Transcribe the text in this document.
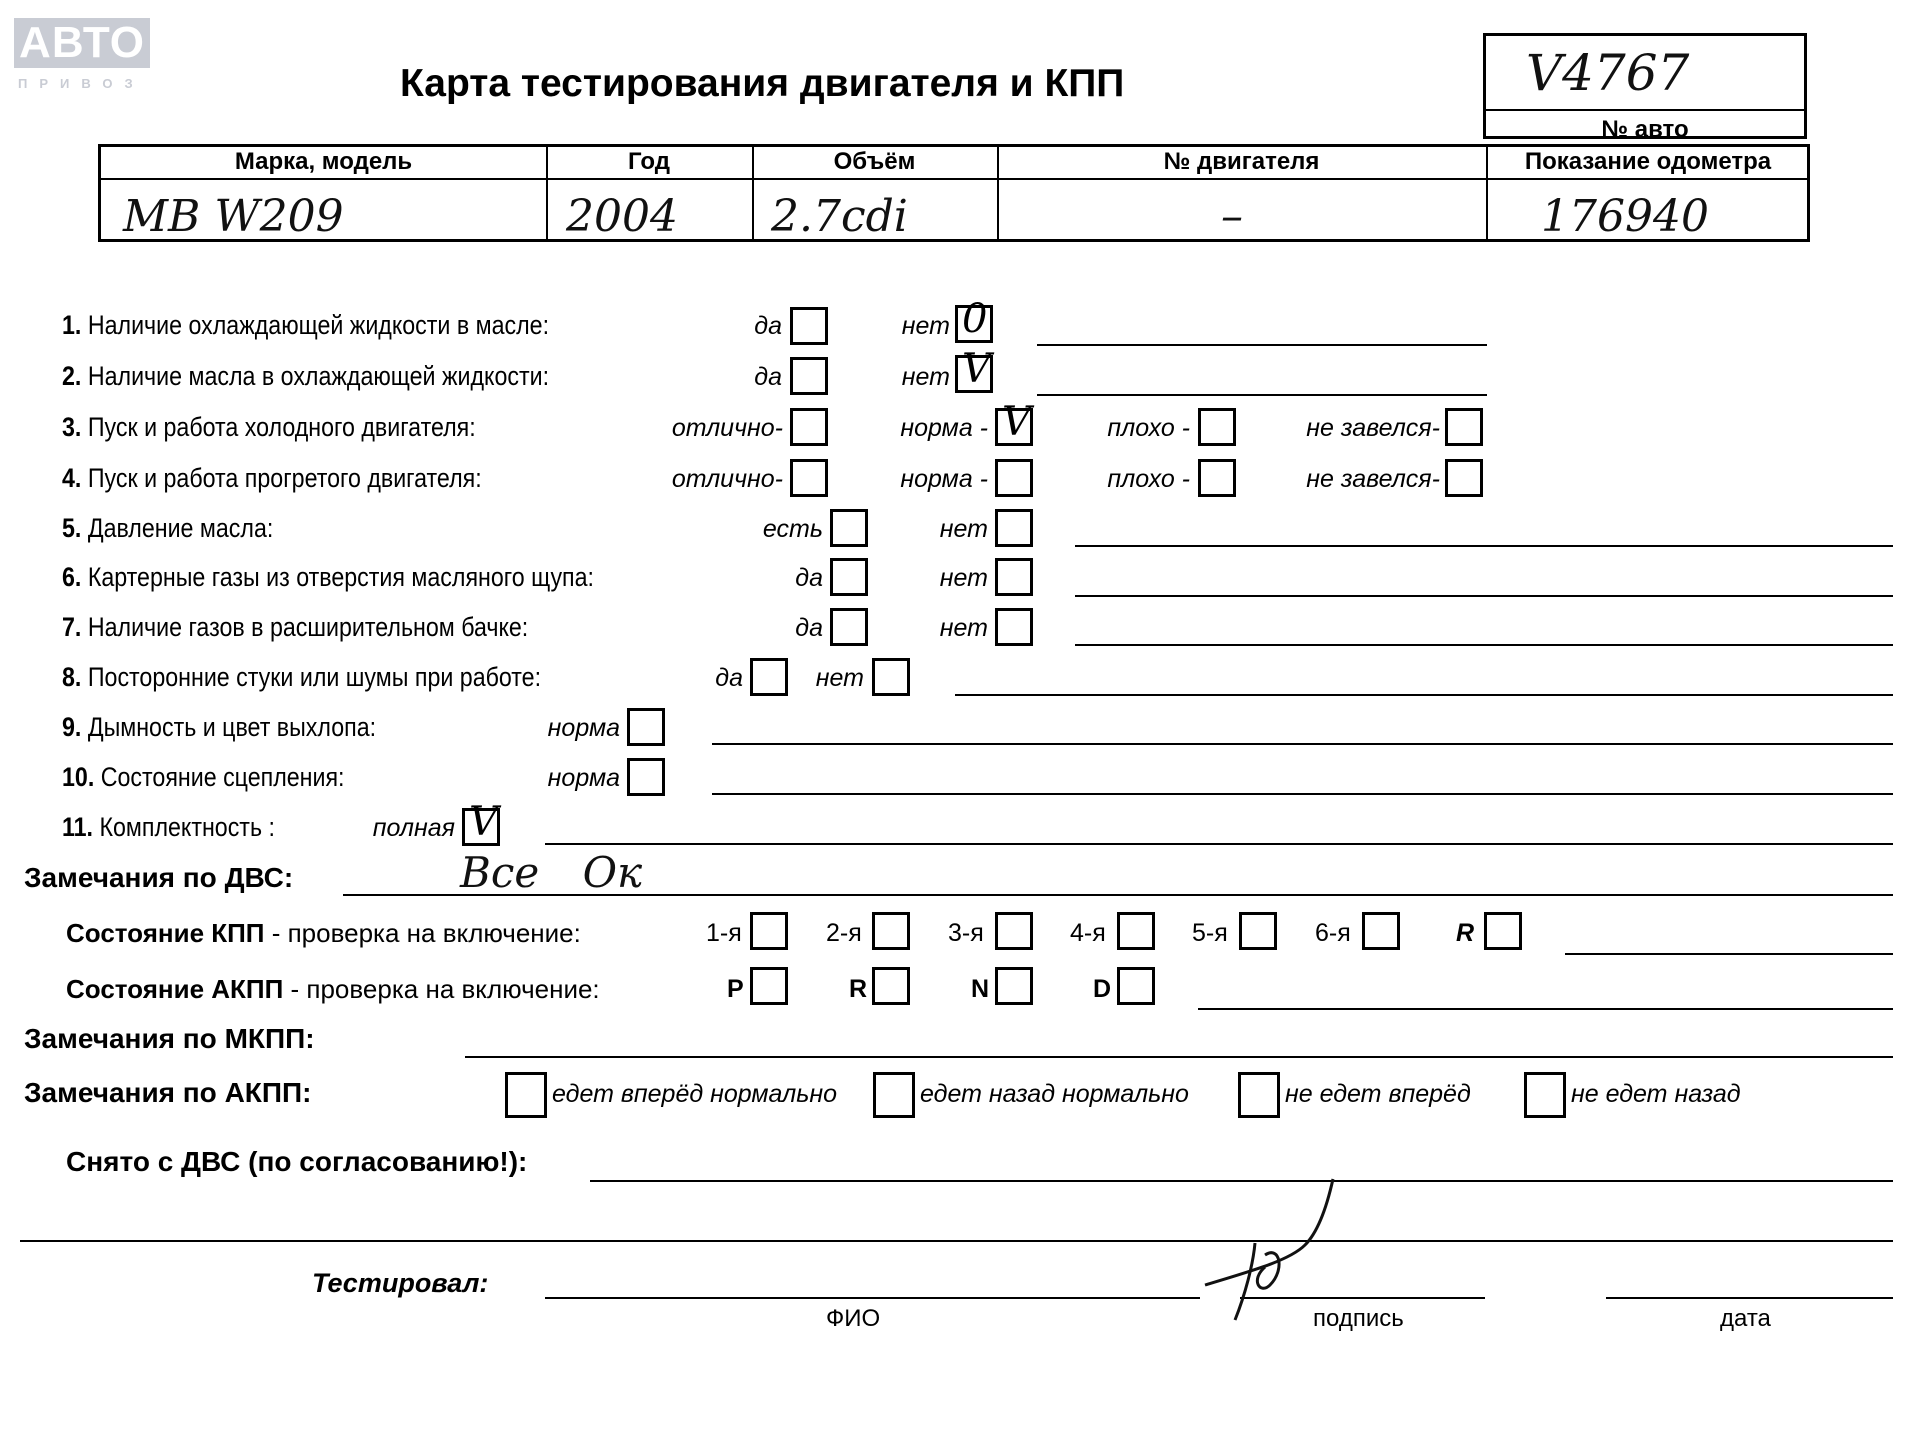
АВТО
ПРИВОЗ	Карта тестирования двигателя и КПП	V4767
№ авто
Марка, модель	Год	Объём	№ двигателя	Показание одометра
MB W209	2004 2.7cdi	–	176940
1. Наличие охлаждающей жидкости в масле:	да	нет 0
2. Наличие масла в охлаждающей жидкости:	да	нет V
3. Пуск и работа холодного двигателя:	отлично-	норма - V	плохо -	не завелся-
4. Пуск и работа прогретого двигателя:	отлично-	норма -	плохо -	не завелся-
5. Давление масла:	есть	нет
6. Картерные газы из отверстия масляного щупа:	да	нет
7. Наличие газов в расширительном бачке:	да	нет
8. Посторонние стуки или шумы при работе:	да	нет
9. Дымность и цвет выхлопа:	норма
10. Состояние сцепления:	норма
11. Комплектность :	полная V
Замечания по ДВС:	Все Ок
Состояние КПП - проверка на включение:	1-я	2-я	3-я	4-я	5-я	6-я	R
Состояние АКПП - проверка на включение:	P	R	N	D
Замечания по МКПП:
Замечания по АКПП:	едет вперёд нормально	едет назад нормально	не едет вперёд	не едет назад
Снято с ДВС (по согласованию!):
Тестировал:
ФИО	подпись	дата
